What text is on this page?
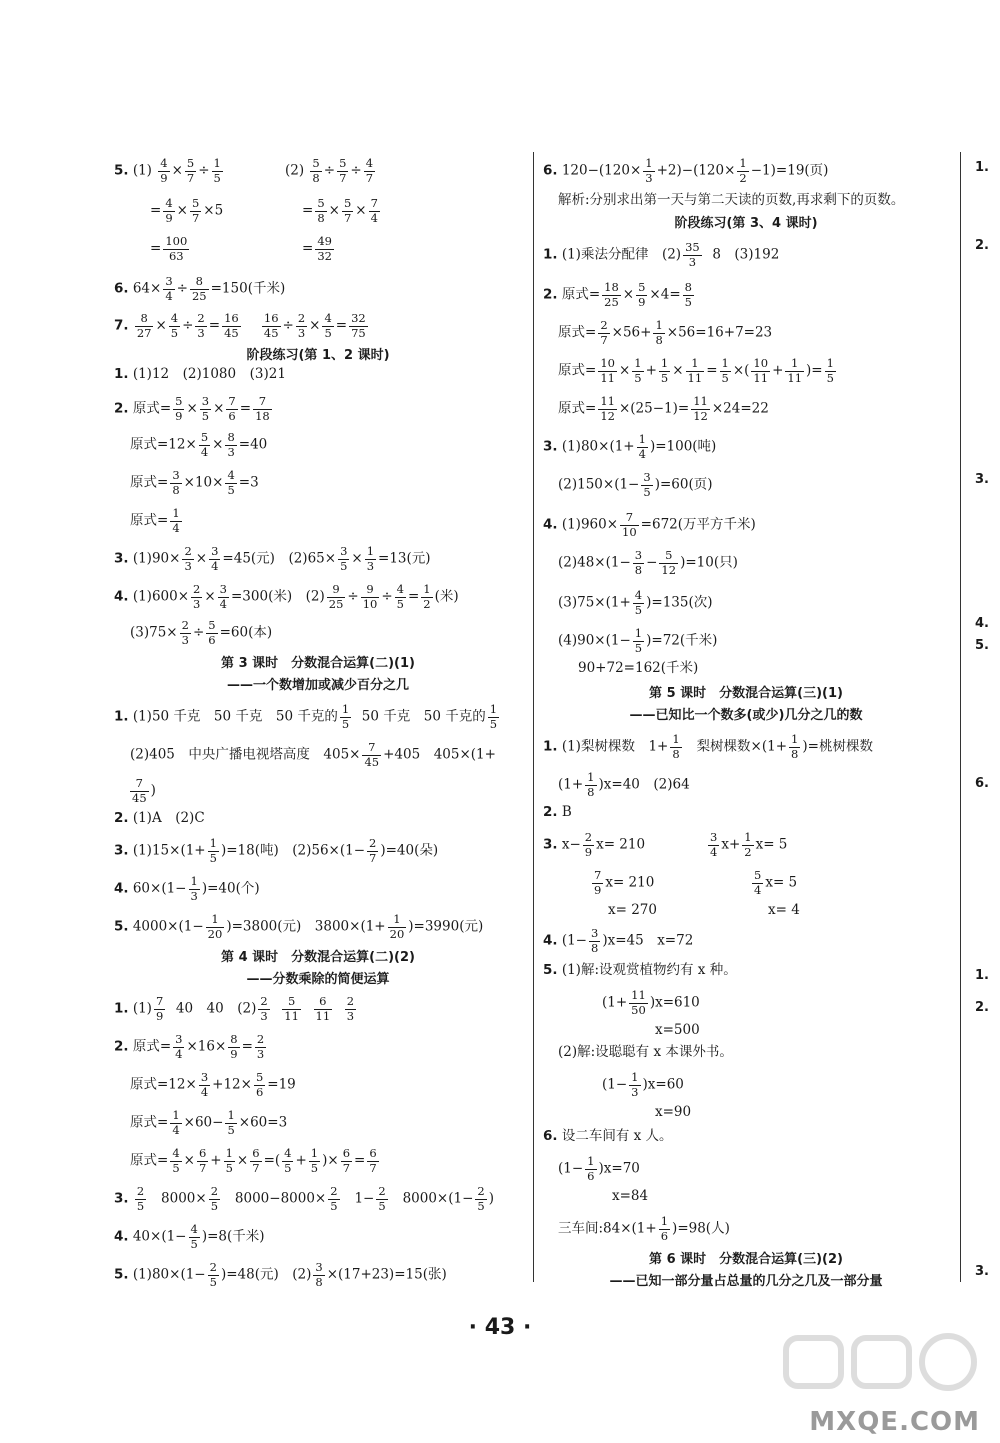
5. $(1) \frac{4}{9} \times \frac{5}{7} \div \frac{1}{5}$	$(2) \frac{5}{8} \div \frac{5}{7} \div \frac{4}{7}$
= $\frac{4}{9} \times \frac{5}{7} \times 5$	= $\frac{5}{8} \times \frac{5}{7} \times \frac{7}{4}$
= $\frac{100}{63}$	= $\frac{49}{32}$
6. $64\times \frac{3}{4} \div \frac{8}{25} =150$(千米)
7. $\frac{8}{27} \times \frac{4}{5} \div \frac{2}{3} = \frac{16}{45}$
$\frac{16}{45} \div \frac{2}{3} \times \frac{4}{5} = \frac{32}{75}$
阶段练习(第 1、2 课时)
1. (1)12　(2)1080　(3)21
2. 原式= $\frac{5}{9} \times \frac{3}{5} \times \frac{7}{6} = \frac{7}{18}$
原式$=12\times \frac{5}{4} \times \frac{8}{3} =40$
原式= $\frac{3}{8} \times 10\times \frac{4}{5} =3$
原式= $\frac{1}{4}$
3. $(1)90\times \frac{2}{3} \times \frac{3}{4} =45$(元)　$(2)65\times \frac{3}{5} \times \frac{1}{3} =13$(元)
4. $(1)600\times \frac{2}{3} \times \frac{3}{4} =300$(米)　$(2) \frac{9}{25} \div \frac{9}{10} \div \frac{4}{5} = \frac{1}{2}$ (米)
$(3)75\times \frac{2}{3} \div \frac{5}{6} =60$(本)
第 3 课时　分数混合运算(二)(1)
——一个数增加或减少百分之几
1. (1)50 千克　50 千克　50 千克的 $\frac{1}{5} 50$ 千克　50 千克的 $\frac{1}{5}$
(2)405　中央广播电视塔高度　$405\times \frac{7}{45} +405$　405×(1+
$\frac{7}{45}$ )
2. (1)A　(2)C
3. $(1)15\times(1+ \frac{1}{5} )=18$(吨)　$(2)56\times(1- \frac{2}{7} )=40$(朵)
4. $60\times(1- \frac{1}{3} )=40$(个)
5. $4000\times(1- \frac{1}{20} )=3800$(元)　$3800\times(1+ \frac{1}{20} )=3990$(元)
第 4 课时　分数混合运算(二)(2)
——分数乘除的简便运算
1. $(1) \frac{7}{9} 40$　40　$(2) \frac{2}{3}$
$\frac{5}{11}$
$\frac{6}{11}$
$\frac{2}{3}$
2. 原式= $\frac{3}{4} \times 16\times \frac{8}{9} = \frac{2}{3}$
原式$=12\times \frac{3}{4} +12\times \frac{5}{6} =19$
原式= $\frac{1}{4} \times 60- \frac{1}{5} \times 60=3$
原式= $\frac{4}{5} \times \frac{6}{7} + \frac{1}{5} \times \frac{6}{7}$ =( $\frac{4}{5} + \frac{1}{5}$ )× $\frac{6}{7} = \frac{6}{7}$
3. $\frac{2}{5} 8000\times \frac{2}{5} 8000-8000\times \frac{2}{5} 1- \frac{2}{5} 8000\times(1- \frac{2}{5}$ )
4. $40\times(1- \frac{4}{5} )=8$(千米)
5. $(1)80\times(1- \frac{2}{5} )=48$(元)　$(2) \frac{3}{8} \times(17+23)=15$(张)
6. $120-(120\times \frac{1}{3} +2)-(120\times \frac{1}{2} -1)=19$(页)
解析:分别求出第一天与第二天读的页数,再求剩下的页数。
阶段练习(第 3、4 课时)
1. (1)乘法分配律　$(2) \frac{35}{3} 8$　(3)192
2. 原式= $\frac{18}{25} \times \frac{5}{9} \times 4= \frac{8}{5}$
原式= $\frac{2}{7} \times 56+ \frac{1}{8} \times 56=16+7=23$
原式= $\frac{10}{11} \times \frac{1}{5} + \frac{1}{5} \times \frac{1}{11} = \frac{1}{5}$ ×( $\frac{10}{11} + \frac{1}{11}$ )= $\frac{1}{5}$
原式= $\frac{11}{12} \times(25-1)= \frac{11}{12} \times 24=22$
3. $(1)80\times(1+ \frac{1}{4} )=100$(吨)
$(2)150\times(1- \frac{3}{5} )=60$(页)
4. $(1)960\times \frac{7}{10} =672$(万平方千米)
$(2)48\times(1- \frac{3}{8} - \frac{5}{12} )=10$(只)
$(3)75\times(1+ \frac{4}{5} )=135$(次)
$(4)90\times(1- \frac{1}{5} )=72$(千米)
90+72=162(千米)
第 5 课时　分数混合运算(三)(1)
——已知比一个数多(或少)几分之几的数
1. (1)梨树棵数　$1+ \frac{1}{8}$ 梨树棵数$\times(1+ \frac{1}{8}$ )=桃树棵数
$(1+ \frac{1}{8} )x=40$　(2)64
2. B
3. $x- \frac{2}{9} x= 210$	$\frac{3}{4} x+ \frac{1}{2} x= 5$
$\frac{7}{9} x= 210$	$\frac{5}{4} x= 5$
x= 270	x= 4
4. $(1- \frac{3}{8} )x=45$　x=72
5. (1)解:设观赏植物约有 x 种。
$(1+ \frac{11}{50} )x=610$
x=500
(2)解:设聪聪有 x 本课外书。
$(1- \frac{1}{3} )x=60$
x=90
6. 设二车间有 x 人。
$(1- \frac{1}{6} )x=70$
x=84
三车间:84×(1+ $\frac{1}{6} )=98$(人)
第 6 课时　分数混合运算(三)(2)
——已知一部分量占总量的几分之几及一部分量
1.
2.
3.
4.
5.
6.
1.
2.
3.
· 43 ·
MXQE.COM
